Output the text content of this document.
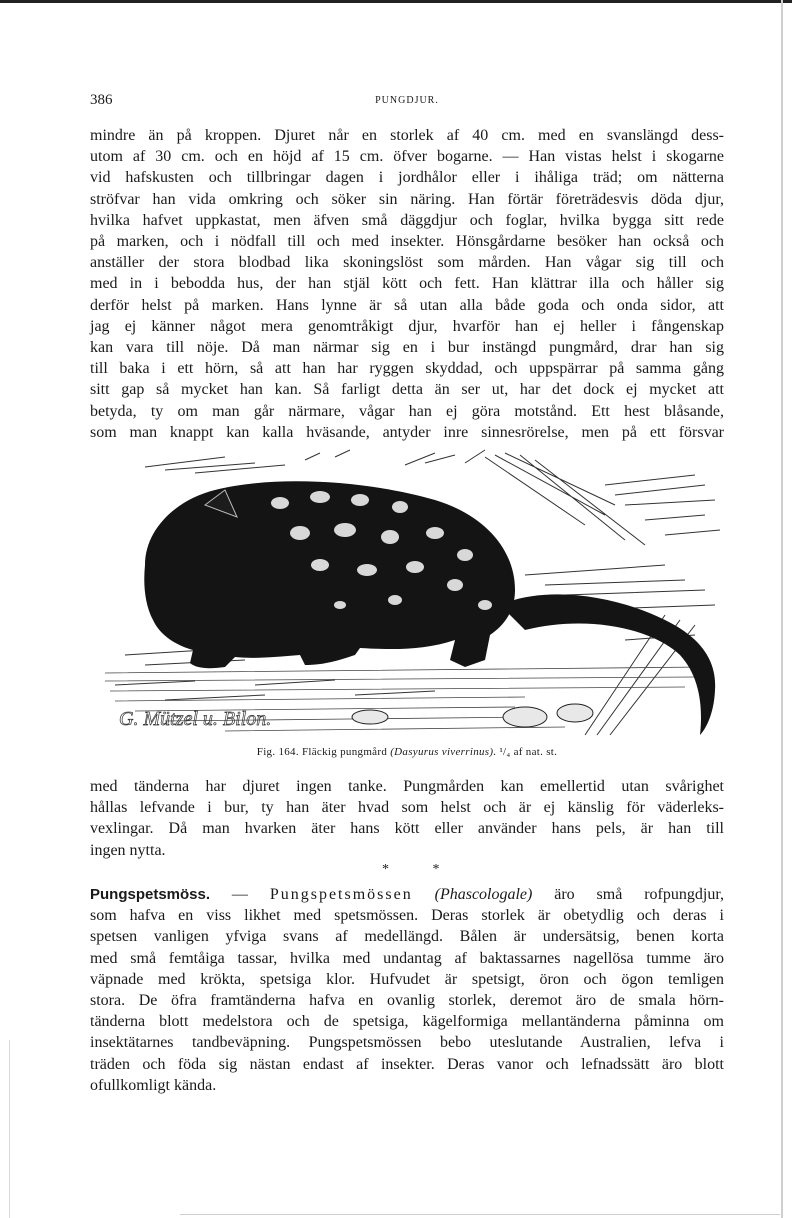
386	PUNGDJUR.
mindre än på kroppen. Djuret når en storlek af 40 cm. med en svanslängd dess-
utom af 30 cm. och en höjd af 15 cm. öfver bogarne. — Han vistas helst i skogarne
vid hafskusten och tillbringar dagen i jordhålor eller i ihåliga träd; om nätterna
ströfvar han vida omkring och söker sin näring. Han förtär företrädesvis döda djur,
hvilka hafvet uppkastat, men äfven små däggdjur och foglar, hvilka bygga sitt rede
på marken, och i nödfall till och med insekter. Hönsgårdarne besöker han också och
anställer der stora blodbad lika skoningslöst som mården. Han vågar sig till och
med in i bebodda hus, der han stjäl kött och fett. Han klättrar illa och håller sig
derför helst på marken. Hans lynne är så utan alla både goda och onda sidor, att
jag ej känner något mera genomtråkigt djur, hvarför han ej heller i fångenskap
kan vara till nöje. Då man närmar sig en i bur instängd pungmård, drar han sig
till baka i ett hörn, så att han har ryggen skyddad, och uppspärrar på samma gång
sitt gap så mycket han kan. Så farligt detta än ser ut, har det dock ej mycket att
betyda, ty om man går närmare, vågar han ej göra motstånd. Ett hest blåsande,
som man knappt kan kalla hväsande, antyder inre sinnesrörelse, men på ett försvar
G. Mützel u. Bilon.
Fig. 164. Fläckig pungmård (Dasyurus viverrinus). ¹/₄ af nat. st.
med tänderna har djuret ingen tanke. Pungmården kan emellertid utan svårighet
hållas lefvande i bur, ty han äter hvad som helst och är ej känslig för väderleks-
vexlingar. Då man hvarken äter hans kött eller använder hans pels, är han till
ingen nytta.
* *
Pungspetsmöss. — Pungspetsmössen (Phascologale) äro små rofpungdjur,
som hafva en viss likhet med spetsmössen. Deras storlek är obetydlig och deras i
spetsen vanligen yfviga svans af medellängd. Bålen är undersätsig, benen korta
med små femtåiga tassar, hvilka med undantag af baktassarnes nagellösa tumme äro
väpnade med krökta, spetsiga klor. Hufvudet är spetsigt, öron och ögon temligen
stora. De öfra framtänderna hafva en ovanlig storlek, deremot äro de smala hörn-
tänderna blott medelstora och de spetsiga, kägelformiga mellantänderna påminna om
insektätarnes tandbeväpning. Pungspetsmössen bebo uteslutande Australien, lefva i
träden och föda sig nästan endast af insekter. Deras vanor och lefnadssätt äro blott
ofullkomligt kända.
